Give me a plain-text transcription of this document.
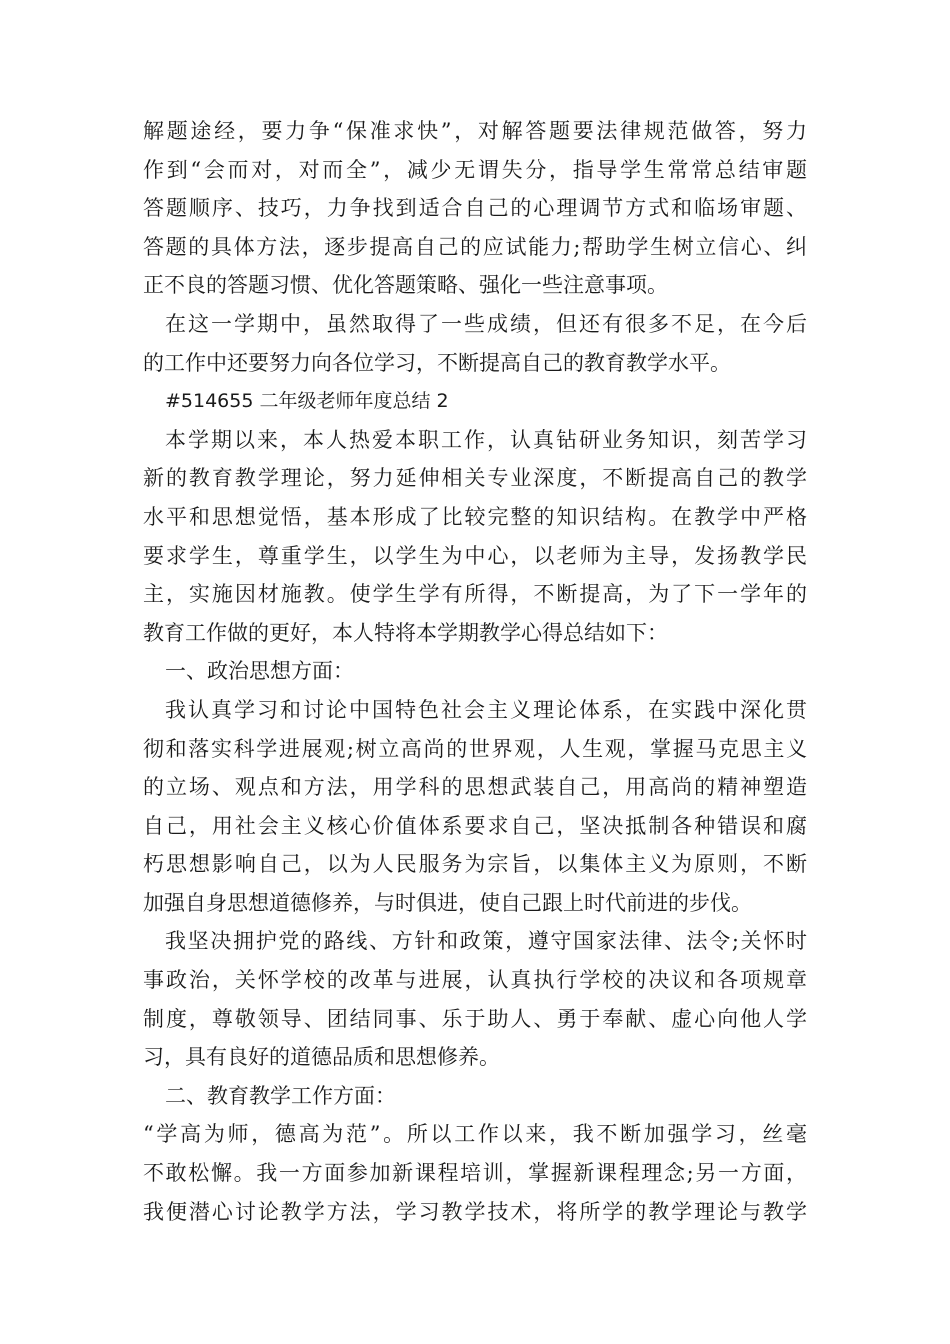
解题途经，要力争“保准求快”，对解答题要法律规范做答，努力
作到“会而对，对而全”，减少无谓失分，指导学生常常总结审题
答题顺序、技巧，力争找到适合自己的心理调节方式和临场审题、
答题的具体方法，逐步提高自己的应试能力;帮助学生树立信心、纠
正不良的答题习惯、优化答题策略、强化一些注意事项。
在这一学期中，虽然取得了一些成绩，但还有很多不足，在今后
的工作中还要努力向各位学习，不断提高自己的教育教学水平。
#514655 二年级老师年度总结 2
本学期以来，本人热爱本职工作，认真钻研业务知识，刻苦学习
新的教育教学理论，努力延伸相关专业深度，不断提高自己的教学
水平和思想觉悟，基本形成了比较完整的知识结构。在教学中严格
要求学生，尊重学生，以学生为中心，以老师为主导，发扬教学民
主，实施因材施教。使学生学有所得，不断提高，为了下一学年的
教育工作做的更好，本人特将本学期教学心得总结如下：
一、政治思想方面：
我认真学习和讨论中国特色社会主义理论体系，在实践中深化贯
彻和落实科学进展观;树立高尚的世界观，人生观，掌握马克思主义
的立场、观点和方法，用学科的思想武装自己，用高尚的精神塑造
自己，用社会主义核心价值体系要求自己，坚决抵制各种错误和腐
朽思想影响自己，以为人民服务为宗旨，以集体主义为原则，不断
加强自身思想道德修养，与时俱进，使自己跟上时代前进的步伐。
我坚决拥护党的路线、方针和政策，遵守国家法律、法令;关怀时
事政治，关怀学校的改革与进展，认真执行学校的决议和各项规章
制度，尊敬领导、团结同事、乐于助人、勇于奉献、虚心向他人学
习，具有良好的道德品质和思想修养。
二、教育教学工作方面：
“学高为师，德高为范”。所以工作以来，我不断加强学习，丝毫
不敢松懈。我一方面参加新课程培训，掌握新课程理念;另一方面，
我便潜心讨论教学方法，学习教学技术，将所学的教学理论与教学
